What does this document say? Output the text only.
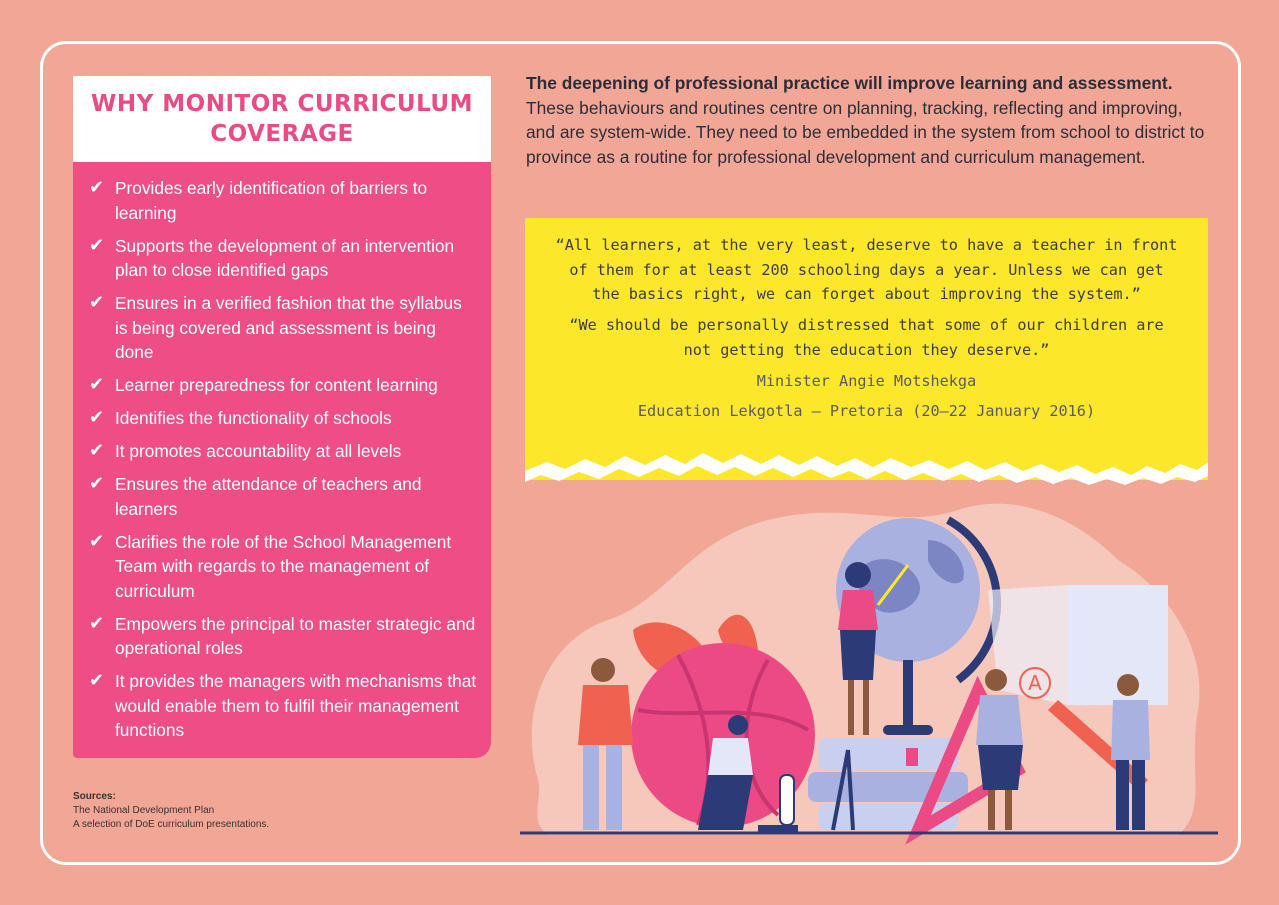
WHY MONITOR CURRICULUM COVERAGE
✔ Provides early identification of barriers to learning
✔ Supports the development of an intervention plan to close identified gaps
✔ Ensures in a verified fashion that the syllabus is being covered and assessment is being done
✔ Learner preparedness for content learning
✔ Identifies the functionality of schools
✔ It promotes accountability at all levels
✔ Ensures the attendance of teachers and learners
✔ Clarifies the role of the School Management Team with regards to the management of curriculum
✔ Empowers the principal to master strategic and operational roles
✔ It provides the managers with mechanisms that would enable them to fulfil their management functions
Sources:
The National Development Plan
A selection of DoE curriculum presentations.
The deepening of professional practice will improve learning and assessment. These behaviours and routines centre on planning, tracking, reflecting and improving, and are system-wide. They need to be embedded in the system from school to district to province as a routine for professional development and curriculum management.

“All learners, at the very least, deserve to have a teacher in front of them for at least 200 schooling days a year. Unless we can get the basics right, we can forget about improving the system.”

“We should be personally distressed that some of our children are not getting the education they deserve.”

Minister Angie Motshekga

Education Lekgotla – Pretoria (20–22 January 2016)

A
